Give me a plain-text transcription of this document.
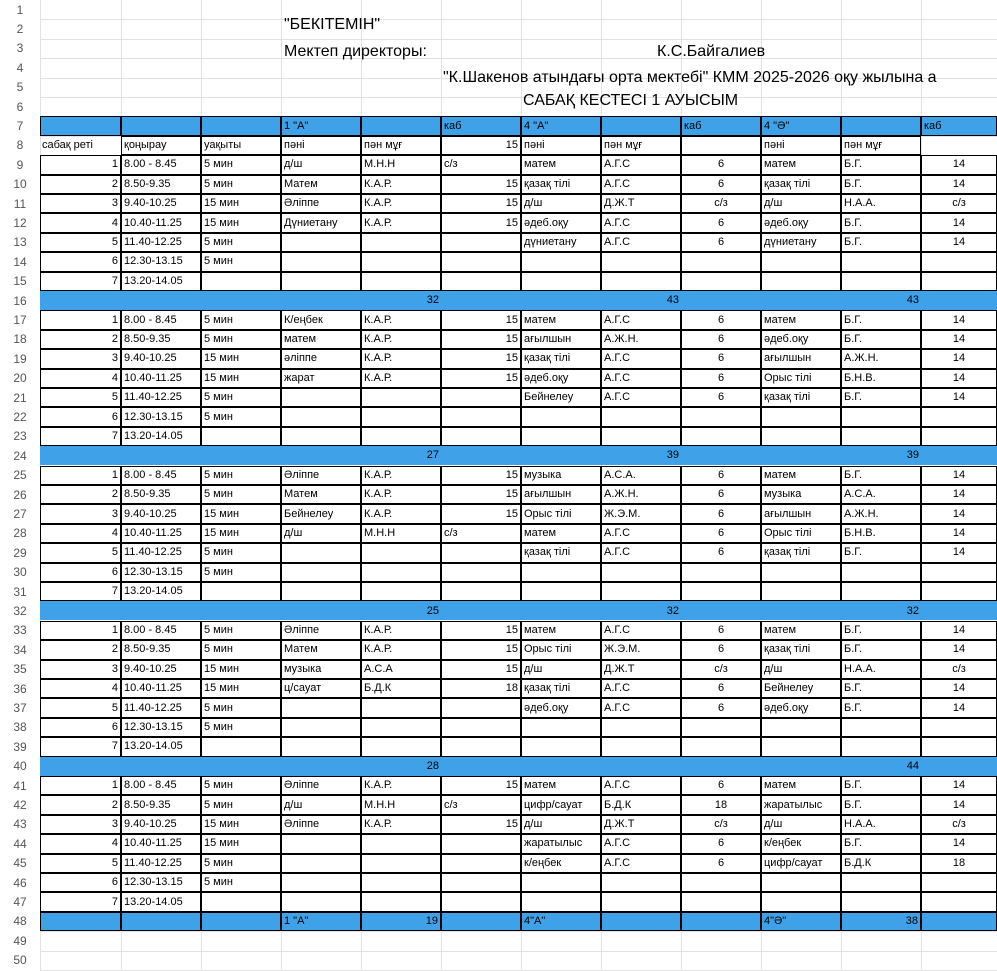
1
2
3
4
5
6
7
8
9
10
11
12
13
14
15
16
17
18
19
20
21
22
23
24
25
26
27
28
29
30
31
32
33
34
35
36
37
38
39
40
41
42
43
44
45
46
47
48
49
50
"БЕКІТЕМІН"
Мектеп директоры:	К.С.Байгалиев
"К.Шакенов атындағы орта мектебі" КММ 2025-2026 оқу жылына а
САБАҚ КЕСТЕСІ 1 АУЫСЫМ
1 "А"	каб	4 "А"	каб	4 "Ә"	каб
сабақ реті	қоңырау	уақыты	пәні	пән мұғ	15 пәні	пән мұғ	пәні	пән мұғ
1 8.00 - 8.45	5 мин	д/ш	М.Н.Н	с/з	матем	А.Г.С	6	матем	Б.Г.	14
2 8.50-9.35	5 мин	Матем	К.А.Р.	15 қазақ тілі	А.Г.С	6	қазақ тілі	Б.Г.	14
3 9.40-10.25	15 мин	Әліппе	К.А.Р.	15 д/ш	Д.Ж.Т	с/з	д/ш	Н.А.А.	с/з
4 10.40-11.25	15 мин	Дүниетану	К.А.Р.	15 әдеб.оқу	А.Г.С	6	әдеб.оқу	Б.Г.	14
5 11.40-12.25	5 мин	дүниетану	А.Г.С	6	дүниетану	Б.Г.	14
6 12.30-13.15	5 мин
7 13.20-14.05
32	43	43
1 8.00 - 8.45	5 мин	К/еңбек	К.А.Р.	15 матем	А.Г.С	6	матем	Б.Г.	14
2 8.50-9.35	5 мин	матем	К.А.Р.	15 ағылшын	А.Ж.Н.	6	әдеб.оқу	Б.Г.	14
3 9.40-10.25	15 мин	әліппе	К.А.Р.	15 қазақ тілі	А.Г.С	6	ағылшын	А.Ж.Н.	14
4 10.40-11.25	15 мин	жарат	К.А.Р.	15 әдеб.оқу	А.Г.С	6	Орыс тілі	Б.Н.В.	14
5 11.40-12.25	5 мин	Бейнелеу	А.Г.С	6	қазақ тілі	Б.Г.	14
6 12.30-13.15	5 мин
7 13.20-14.05
27	39	39
1 8.00 - 8.45	5 мин	Әліппе	К.А.Р.	15 музыка	А.С.А.	6	матем	Б.Г.	14
2 8.50-9.35	5 мин	Матем	К.А.Р.	15 ағылшын	А.Ж.Н.	6	музыка	А.С.А.	14
3 9.40-10.25	15 мин	Бейнелеу	К.А.Р.	15 Орыс тілі	Ж.Э.М.	6	ағылшын	А.Ж.Н.	14
4 10.40-11.25	15 мин	д/ш	М.Н.Н	с/з	матем	А.Г.С	6	Орыс тілі	Б.Н.В.	14
5 11.40-12.25	5 мин	қазақ тілі	А.Г.С	6	қазақ тілі	Б.Г.	14
6 12.30-13.15	5 мин
7 13.20-14.05
25	32	32
1 8.00 - 8.45	5 мин	Әліппе	К.А.Р.	15 матем	А.Г.С	6	матем	Б.Г.	14
2 8.50-9.35	5 мин	Матем	К.А.Р.	15 Орыс тілі	Ж.Э.М.	6	қазақ тілі	Б.Г.	14
3 9.40-10.25	15 мин	музыка	А.С.А	15 д/ш	Д.Ж.Т	с/з	д/ш	Н.А.А.	с/з
4 10.40-11.25	15 мин	ц/сауат	Б.Д.К	18 қазақ тілі	А.Г.С	6	Бейнелеу	Б.Г.	14
5 11.40-12.25	5 мин	әдеб.оқу	А.Г.С	6	әдеб.оқу	Б.Г.	14
6 12.30-13.15	5 мин
7 13.20-14.05
28	44
1 8.00 - 8.45	5 мин	Әліппе	К.А.Р.	15 матем	А.Г.С	6	матем	Б.Г.	14
2 8.50-9.35	5 мин	д/ш	М.Н.Н	с/з	цифр/сауат	Б.Д.К	18	жаратылыс	Б.Г.	14
3 9.40-10.25	15 мин	Әліппе	К.А.Р.	15 д/ш	Д.Ж.Т	с/з	д/ш	Н.А.А.	с/з
4 10.40-11.25	15 мин	жаратылыс	А.Г.С	6	к/еңбек	Б.Г.	14
5 11.40-12.25	5 мин	к/еңбек	А.Г.С	6	цифр/сауат	Б.Д.К	18
6 12.30-13.15	5 мин
7 13.20-14.05
1 "А"	19	4"А"	4"Ә"	38
